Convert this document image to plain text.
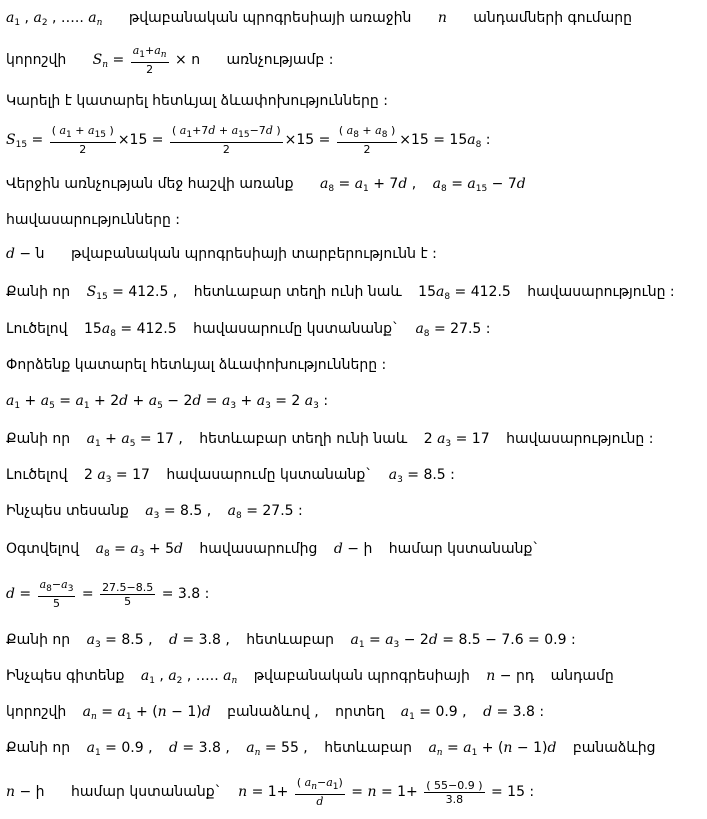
$a_1$ , $a_2$ , ….. $a_n$ թվաբանական պրոգրեսիայի առաջին n անդամների գումարը
կորոշվի $S_n = \frac{a_1+a_n}{2} \times n$ առնչությամբ :
Կարելի է կատարել հետևյալ ձևափոխությունները :
$S_{15} = \frac{( a_1 + a_{15} )}{2} \times 15 = \frac{( a_1+7d + a_{15}-7d )}{2} \times 15 = \frac{( a_8 + a_8 )}{2} \times 15 = 15a_8$ :
Վերջին առնչության մեջ հաշվի առանք $a_8 = a_1 + 7d$ , $a_8 = a_{15} - 7d$
հավասարությունները :
d − ն թվաբանական պրոգրեսիայի տարբերությունն է :
Քանի որ $S_{15} = 412.5$ , հետևաբար տեղի ունի նաև $15a_8 = 412.5$ հավասարությունը :
Լուծելով $15a_8 = 412.5$ հավասարումը կստանանք` $a_8 = 27.5$ :
Փորձենք կատարել հետևյալ ձևափոխությունները :
$a_1 + a_5 = a_1 + 2d + a_5 - 2d = a_3 + a_3 = 2$ $a_3$ :
Քանի որ $a_1 + a_5 = 17$ , հետևաբար տեղի ունի նաև 2 $a_3 = 17$ հավասարությունը :
Լուծելով 2 $a_3 = 17$ հավասարումը կստանանք` $a_3 = 8.5$ :
Ինչպես տեսանք $a_3 = 8.5$ , $a_8 = 27.5$ :
Օգտվելով $a_8 = a_3 + 5d$ հավասարումից d − ի համար կստանանք`
$d = \frac{a_8-a_3}{5} = \frac{27.5-8.5}{5} = 3.8$ :
Քանի որ $a_3 = 8.5$ , d = 3.8 , հետևաբար $a_1 = a_3 - 2d = 8.5 - 7.6 = 0.9$ :
Ինչպես գիտենք $a_1$ , $a_2$ , ….. $a_n$ թվաբանական պրոգրեսիայի n − րդ անդամը
կորոշվի $a_n = a_1 + (n - 1)d$ բանաձևով , որտեղ $a_1 = 0.9$ , d = 3.8 :
Քանի որ $a_1 = 0.9$ , d = 3.8 , $a_n = 55$ , հետևաբար $a_n = a_1 + (n - 1)d$ բանաձևից
n − ի համար կստանանք` $n = 1+ \frac{( a_n-a_1)}{d} = n = 1+ \frac{( 55-0.9 )}{3.8} = 15$ :
